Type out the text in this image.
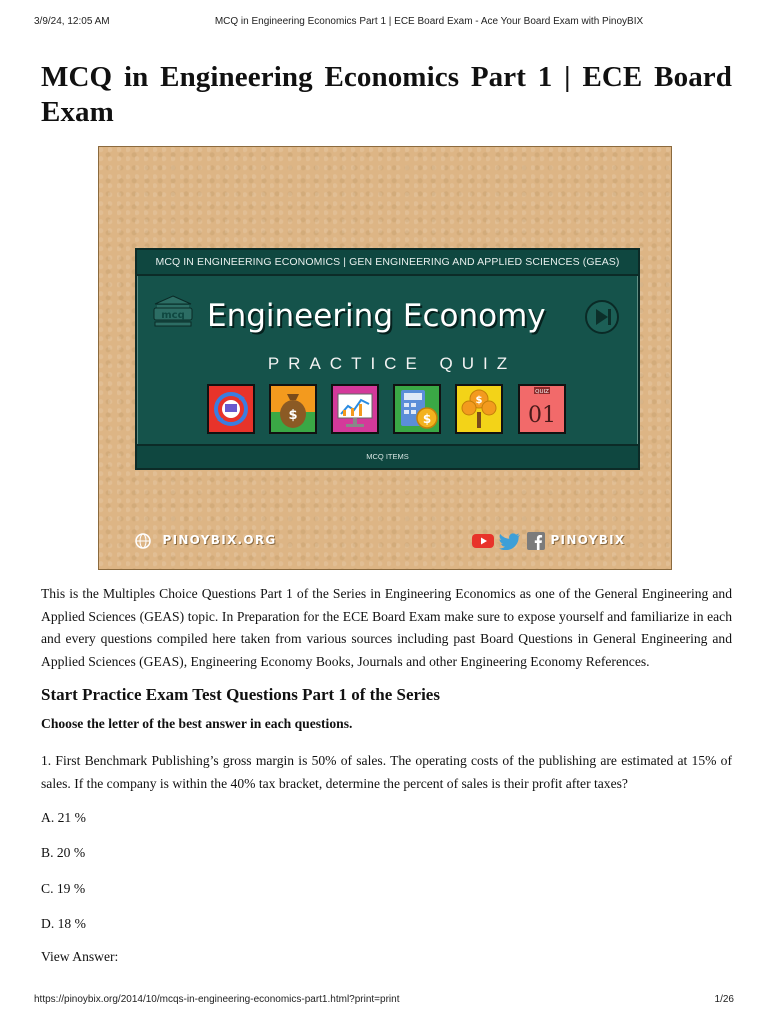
3/9/24, 12:05 AM	MCQ in Engineering Economics Part 1 | ECE Board Exam - Ace Your Board Exam with PinoyBIX
MCQ in Engineering Economics Part 1 | ECE Board Exam
MCQ IN ENGINEERING ECONOMICS | GEN ENGINEERING AND APPLIED SCIENCES (GEAS)
mcq Engineering Economy
PRACTICE QUIZ
$	$
$
QUIZ
01
MCQ ITEMS
PINOYBIX.ORG	PINOYBIX

This is the Multiples Choice Questions Part 1 of the Series in Engineering Economics as one of the General Engineering and Applied Sciences (GEAS) topic. In Preparation for the ECE Board Exam make sure to expose yourself and familiarize in each and every questions compiled here taken from various sources including past Board Questions in General Engineering and Applied Sciences (GEAS), Engineering Economy Books, Journals and other Engineering Economy References.

Start Practice Exam Test Questions Part 1 of the Series
Choose the letter of the best answer in each questions.

1. First Benchmark Publishing’s gross margin is 50% of sales. The operating costs of the publishing are estimated at 15% of sales. If the company is within the 40% tax bracket, determine the percent of sales is their profit after taxes?

A. 21 %
B. 20 %
C. 19 %
D. 18 %
View Answer:
https://pinoybix.org/2014/10/mcqs-in-engineering-economics-part1.html?print=print	1/26
